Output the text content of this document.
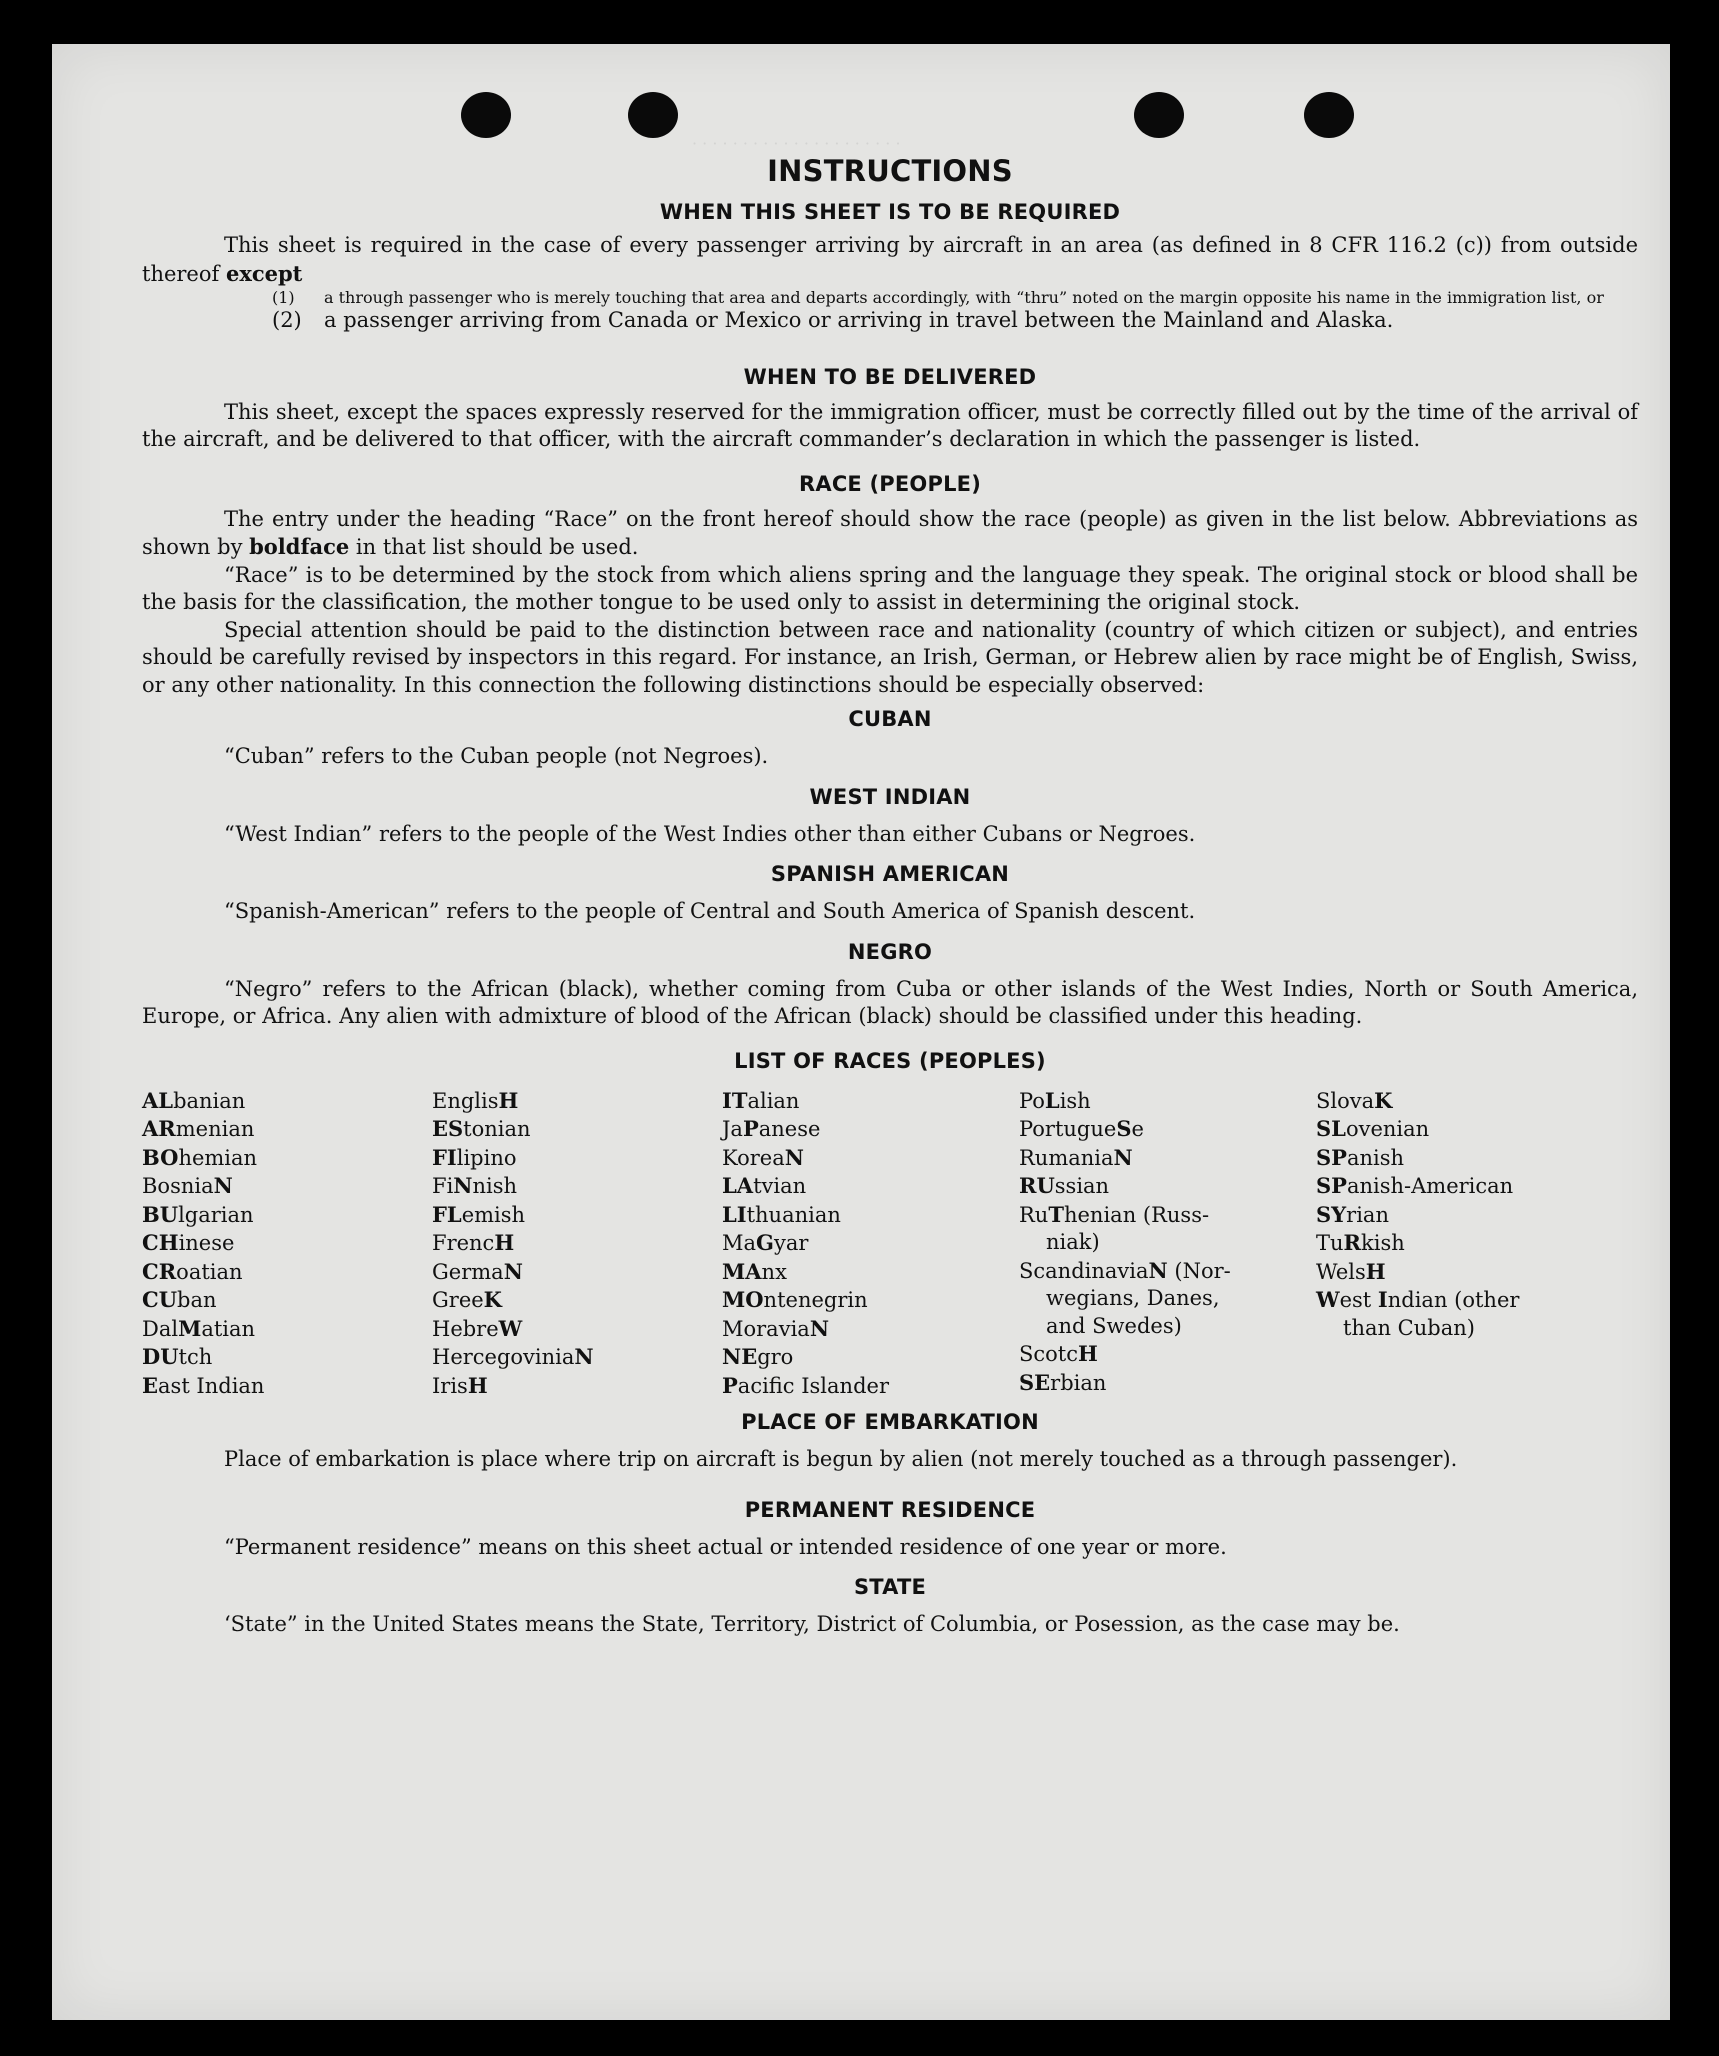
· · · · · · · · · · · · · · · · · · · · ·
INSTRUCTIONS
WHEN THIS SHEET IS TO BE REQUIRED

This sheet is required in the case of every passenger arriving by aircraft in an area (as defined in 8 CFR 116.2 (c)) from outside thereof except

(1)	a through passenger who is merely touching that area and departs accordingly, with “thru” noted on the margin opposite his name in the immigration list, or
(2)	a passenger arriving from Canada or Mexico or arriving in travel between the Mainland and Alaska.
WHEN TO BE DELIVERED

This sheet, except the spaces expressly reserved for the immigration officer, must be correctly filled out by the time of the arrival of the aircraft, and be delivered to that officer, with the aircraft commander’s declaration in which the passenger is listed.

RACE (PEOPLE)

The entry under the heading “Race” on the front hereof should show the race (people) as given in the list below. Abbreviations as shown by boldface in that list should be used.

“Race” is to be determined by the stock from which aliens spring and the language they speak. The original stock or blood shall be the basis for the classification, the mother tongue to be used only to assist in determining the original stock.

Special attention should be paid to the distinction between race and nationality (country of which citizen or subject), and entries should be carefully revised by inspectors in this regard. For instance, an Irish, German, or Hebrew alien by race might be of English, Swiss, or any other nationality. In this connection the following distinctions should be especially observed:

CUBAN

“Cuban” refers to the Cuban people (not Negroes).

WEST INDIAN

“West Indian” refers to the people of the West Indies other than either Cubans or Negroes.

SPANISH AMERICAN

“Spanish-American” refers to the people of Central and South America of Spanish descent.

NEGRO

“Negro” refers to the African (black), whether coming from Cuba or other islands of the West Indies, North or South America, Europe, or Africa. Any alien with admixture of blood of the African (black) should be classified under this heading.

LIST OF RACES (PEOPLES)
ALbanian
ARmenian
BOhemian
BosniaN
BUlgarian
CHinese
CRoatian
CUban
DalMatian
DUtch
East Indian
EnglisH
EStonian
FIlipino
FiNnish
FLemish
FrencH
GermaN
GreeK
HebreW
HercegoviniaN
IrisH
ITalian
JaPanese
KoreaN
LAtvian
LIthuanian
MaGyar
MAnx
MOntenegrin
MoraviaN
NEgro
Pacific Islander
PoLish
PortugueSe
RumaniaN
RUssian
RuThenian (Russ-
niak)
ScandinaviaN (Nor-
wegians, Danes,
and Swedes)
ScotcH
SErbian
SlovaK
SLovenian
SPanish
SPanish-American
SYrian
TuRkish
WelsH
West Indian (other
than Cuban)
PLACE OF EMBARKATION

Place of embarkation is place where trip on aircraft is begun by alien (not merely touched as a through passenger).

PERMANENT RESIDENCE

“Permanent residence” means on this sheet actual or intended residence of one year or more.

STATE

‘State” in the United States means the State, Territory, District of Columbia, or Posession, as the case may be.
